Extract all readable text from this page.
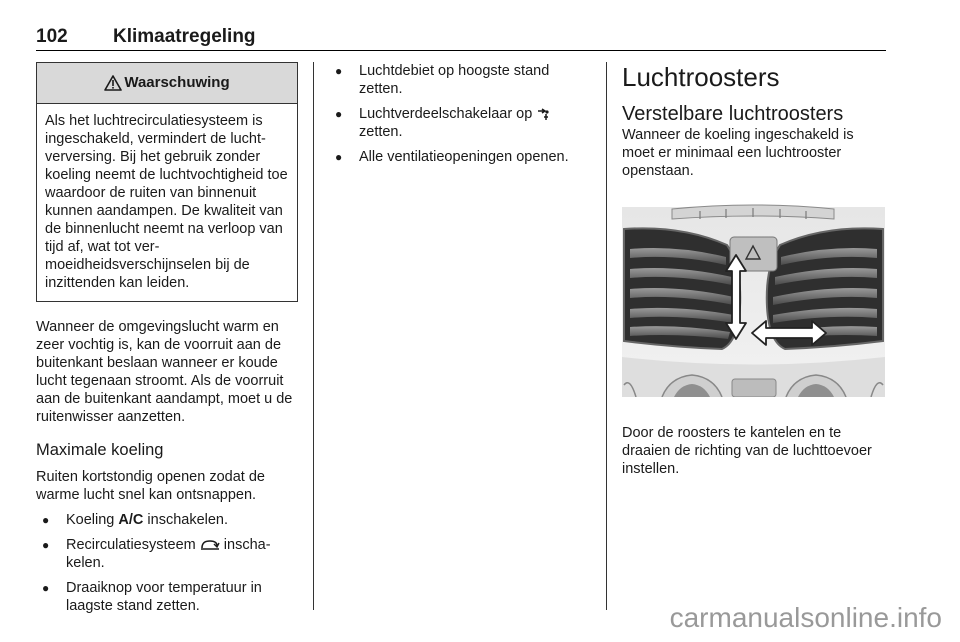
102 Klimaatregeling
Waarschuwing

Als het luchtrecirculatiesysteem is ingeschakeld, vermindert de luchtverversing. Bij het gebruik zonder koeling neemt de luchtvochtigheid toe waardoor de ruiten van binnenuit kunnen aandampen. De kwaliteit van de binnenlucht neemt na verloop van tijd af, wat tot vermoeidheidsverschijnselen bij de inzittenden kan leiden.

Wanneer de omgevingslucht warm en zeer vochtig is, kan de voorruit aan de buitenkant beslaan wanneer er koude lucht tegenaan stroomt. Als de voorruit aan de buitenkant aandampt, moet u de ruitenwisser aanzetten.

Maximale koeling

Ruiten kortstondig openen zodat de warme lucht snel kan ontsnappen.

● Koeling A/C inschakelen.
● Recirculatiesysteem  inschakelen.
● Draaiknop voor temperatuur in laagste stand zetten.
● Luchtdebiet op hoogste stand zetten.
● Luchtverdeelschakelaar op  zetten.
● Alle ventilatieopeningen openen.
Luchtroosters
Verstelbare luchtroosters

Wanneer de koeling ingeschakeld is moet er minimaal een luchtrooster openstaan.

Door de roosters te kantelen en te draaien de richting van de luchttoevoer instellen.

carmanualsonline.info
